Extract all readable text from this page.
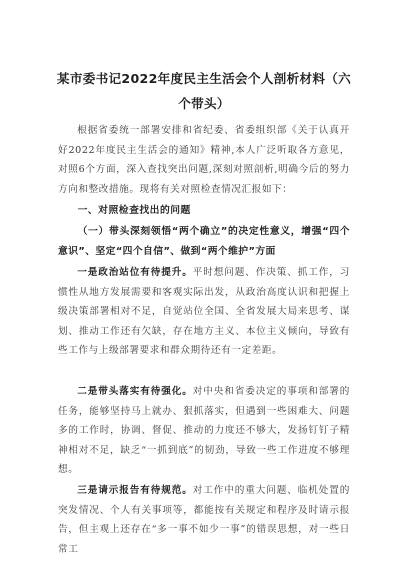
某市委书记2022年度民主生活会个人剖析材料（六个带头）

根据省委统一部署安排和省纪委、省委组织部《关于认真开好2022年度民主生活会的通知》精神,本人广泛听取各方意见，对照6个方面，深入查找突出问题,深刻对照剖析,明确今后的努力方向和整改措施。现将有关对照检查情况汇报如下：

一、对照检查找出的问题

（一）带头深刻领悟“两个确立”的决定性意义，增强“四个意识”、坚定“四个自信”、做到“两个维护”方面

一是政治站位有待提升。平时想问题、作决策、抓工作，习惯性从地方发展需要和客观实际出发，从政治高度认识和把握上级决策部署相对不足，自觉站位全国、全省发展大局来思考、谋划、推动工作还有欠缺，存在地方主义、本位主义倾向，导致有些工作与上级部署要求和群众期待还有一定差距。

二是带头落实有待强化。对中央和省委决定的事项和部署的任务，能够坚持马上就办、狠抓落实，但遇到一些困难大、问题多的工作时，协调、督促、推动的力度还不够大，发扬钉钉子精神相对不足，缺乏“一抓到底”的韧劲，导致一些工作进度不够理想。

三是请示报告有待规范。对工作中的重大问题、临机处置的突发情况、个人有关事项等，都能按有关规定和程序及时请示报告，但主观上还存在“多一事不如少一事”的错误思想，对一些日常工
